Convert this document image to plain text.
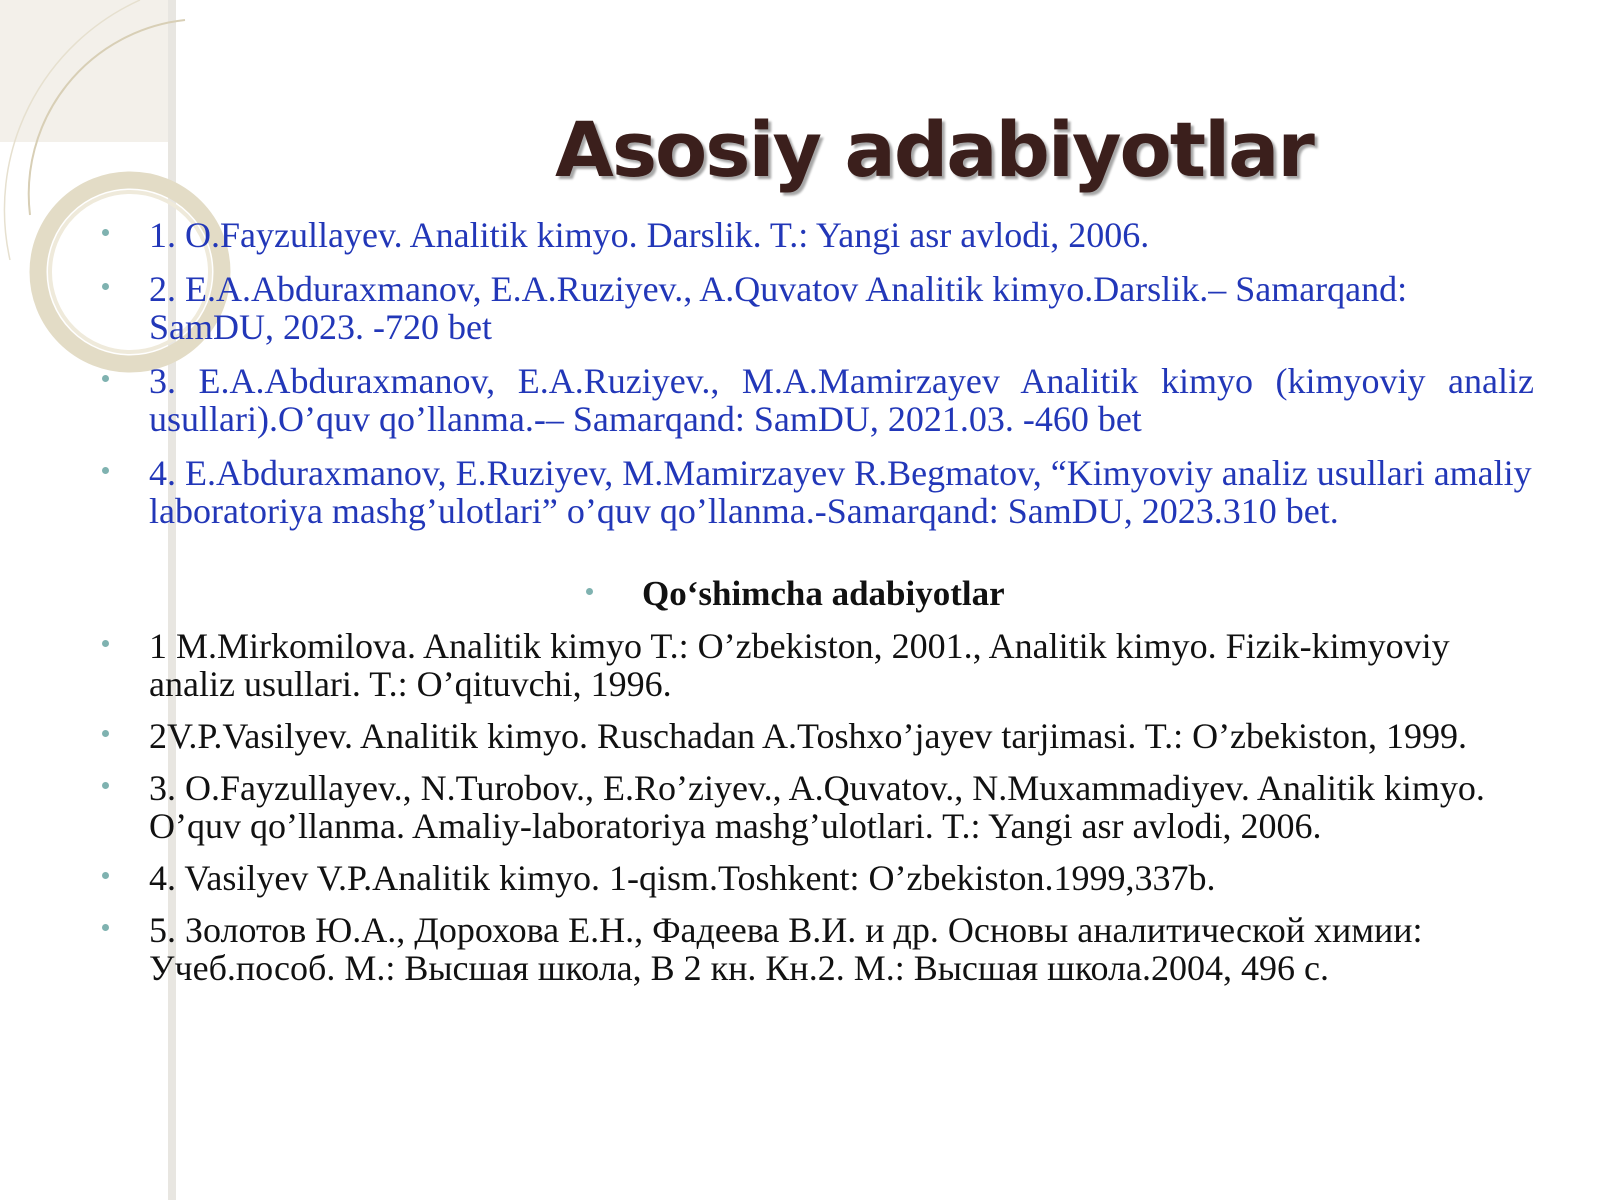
Asosiy adabiyotlar
1. O.Fayzullayev. Analitik kimyo. Darslik. T.: Yangi asr avlodi, 2006.
2. E.A.Abduraxmanov, E.A.Ruziyev., A.Quvatov Analitik kimyo.Darslik.– Samarqand: SamDU, 2023. -720 bet
3. E.A.Abduraxmanov, E.A.Ruziyev., M.A.Mamirzayev Analitik kimyo (kimyoviy analiz usullari).O’quv qo’llanma.-– Samarqand: SamDU, 2021.03. -460 bet
4. E.Abduraxmanov, E.Ruziyev, M.Mamirzayev R.Begmatov, “Kimyoviy analiz usullari amaliy laboratoriya mashg’ulotlari” o’quv qo’llanma.-Samarqand: SamDU, 2023.310 bet.
Qo‘shimcha adabiyotlar
1 M.Mirkomilova. Analitik kimyo T.: O’zbekiston, 2001., Analitik kimyo. Fizik-kimyoviy analiz usullari. T.: O’qituvchi, 1996.
2V.P.Vasilyev. Analitik kimyo. Ruschadan A.Toshxo’jayev tarjimasi. T.: O’zbekiston, 1999.
3. O.Fayzullayev., N.Turobov., E.Ro’ziyev., A.Quvatov., N.Muxammadiyev. Analitik kimyo. O’quv qo’llanma. Amaliy-laboratoriya mashg’ulotlari. T.: Yangi asr avlodi, 2006.
4. Vasilyev V.P.Analitik kimyo. 1-qism.Toshkent: O’zbekiston.1999,337b.
5. Золотов Ю.А., Дорохова Е.Н., Фадеева В.И. и др. Основы аналитической химии: Учеб.пособ. М.: Высшая школа, В 2 кн. Кн.2. М.: Высшая школа.2004, 496 с.
